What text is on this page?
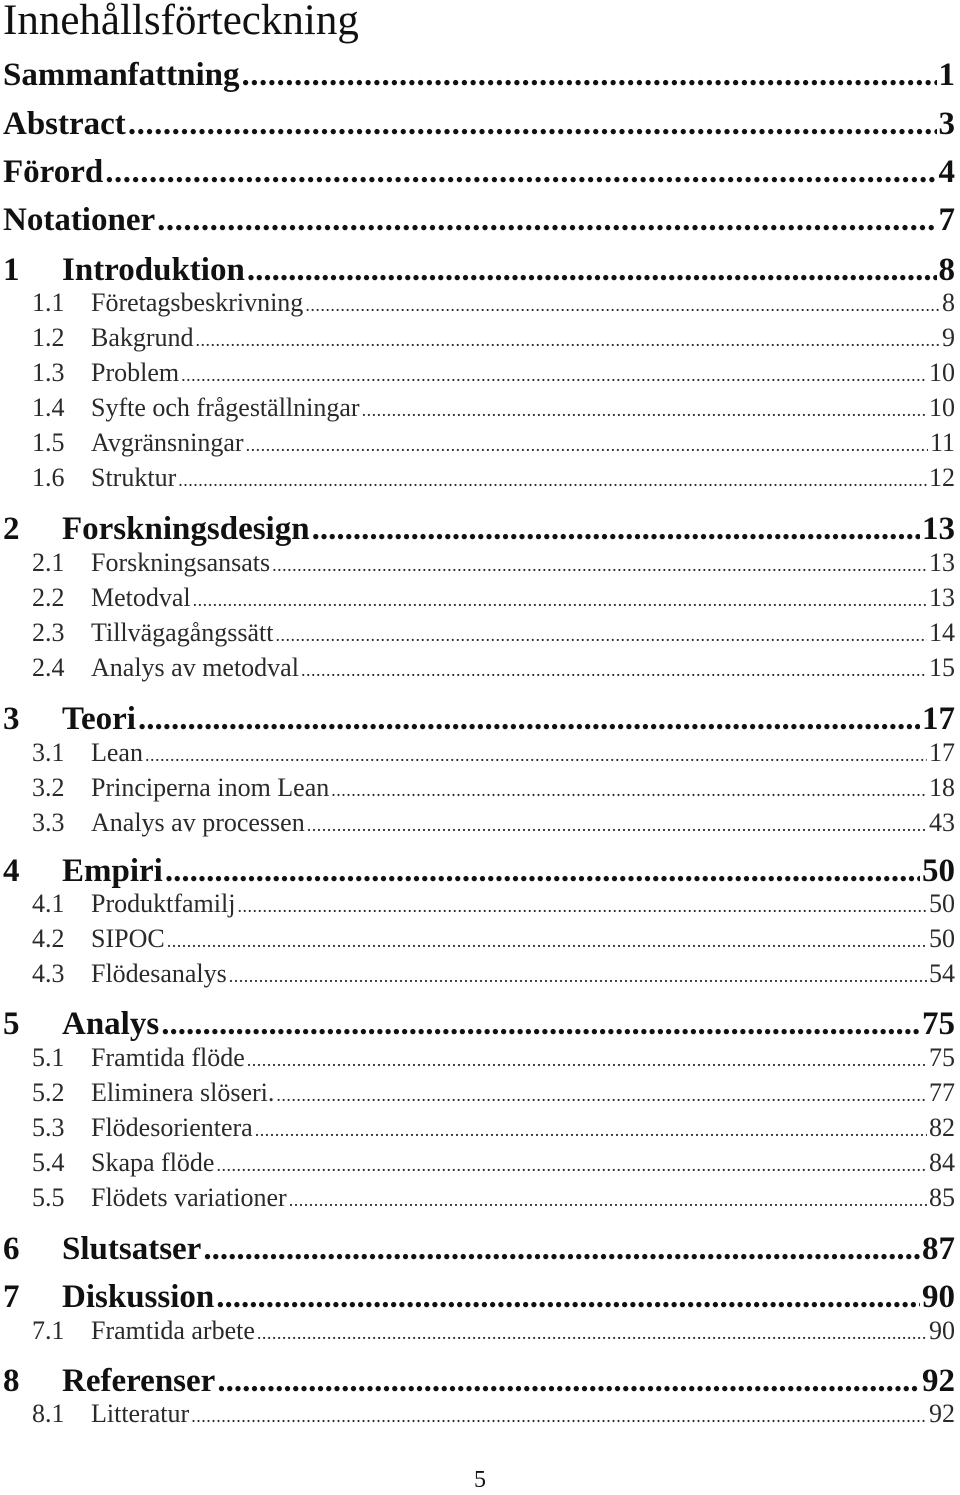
Innehållsförteckning
Sammanfattning .....	1
Abstract .....	3
Förord .....	4
Notationer .....	7
1	Introduktion .....	8
1.1	Företagsbeskrivning .....	8
1.2	Bakgrund .....	9
1.3	Problem .....	10
1.4	Syfte och frågeställningar .....	10
1.5	Avgränsningar .....	11
1.6	Struktur .....	12
2	Forskningsdesign .....	13
2.1	Forskningsansats .....	13
2.2	Metodval .....	13
2.3	Tillvägagångssätt .....	14
2.4	Analys av metodval .....	15
3	Teori .....	17
3.1	Lean .....	17
3.2	Principerna inom Lean .....	18
3.3	Analys av processen .....	43
4	Empiri .....	50
4.1	Produktfamilj .....	50
4.2	SIPOC .....	50
4.3	Flödesanalys .....	54
5	Analys .....	75
5.1	Framtida flöde .....	75
5.2	Eliminera slöseri. .....	77
5.3	Flödesorientera .....	82
5.4	Skapa flöde .....	84
5.5	Flödets variationer .....	85
6	Slutsatser .....	87
7	Diskussion .....	90
7.1	Framtida arbete .....	90
8	Referenser .....	92
8.1	Litteratur .....	92
5
